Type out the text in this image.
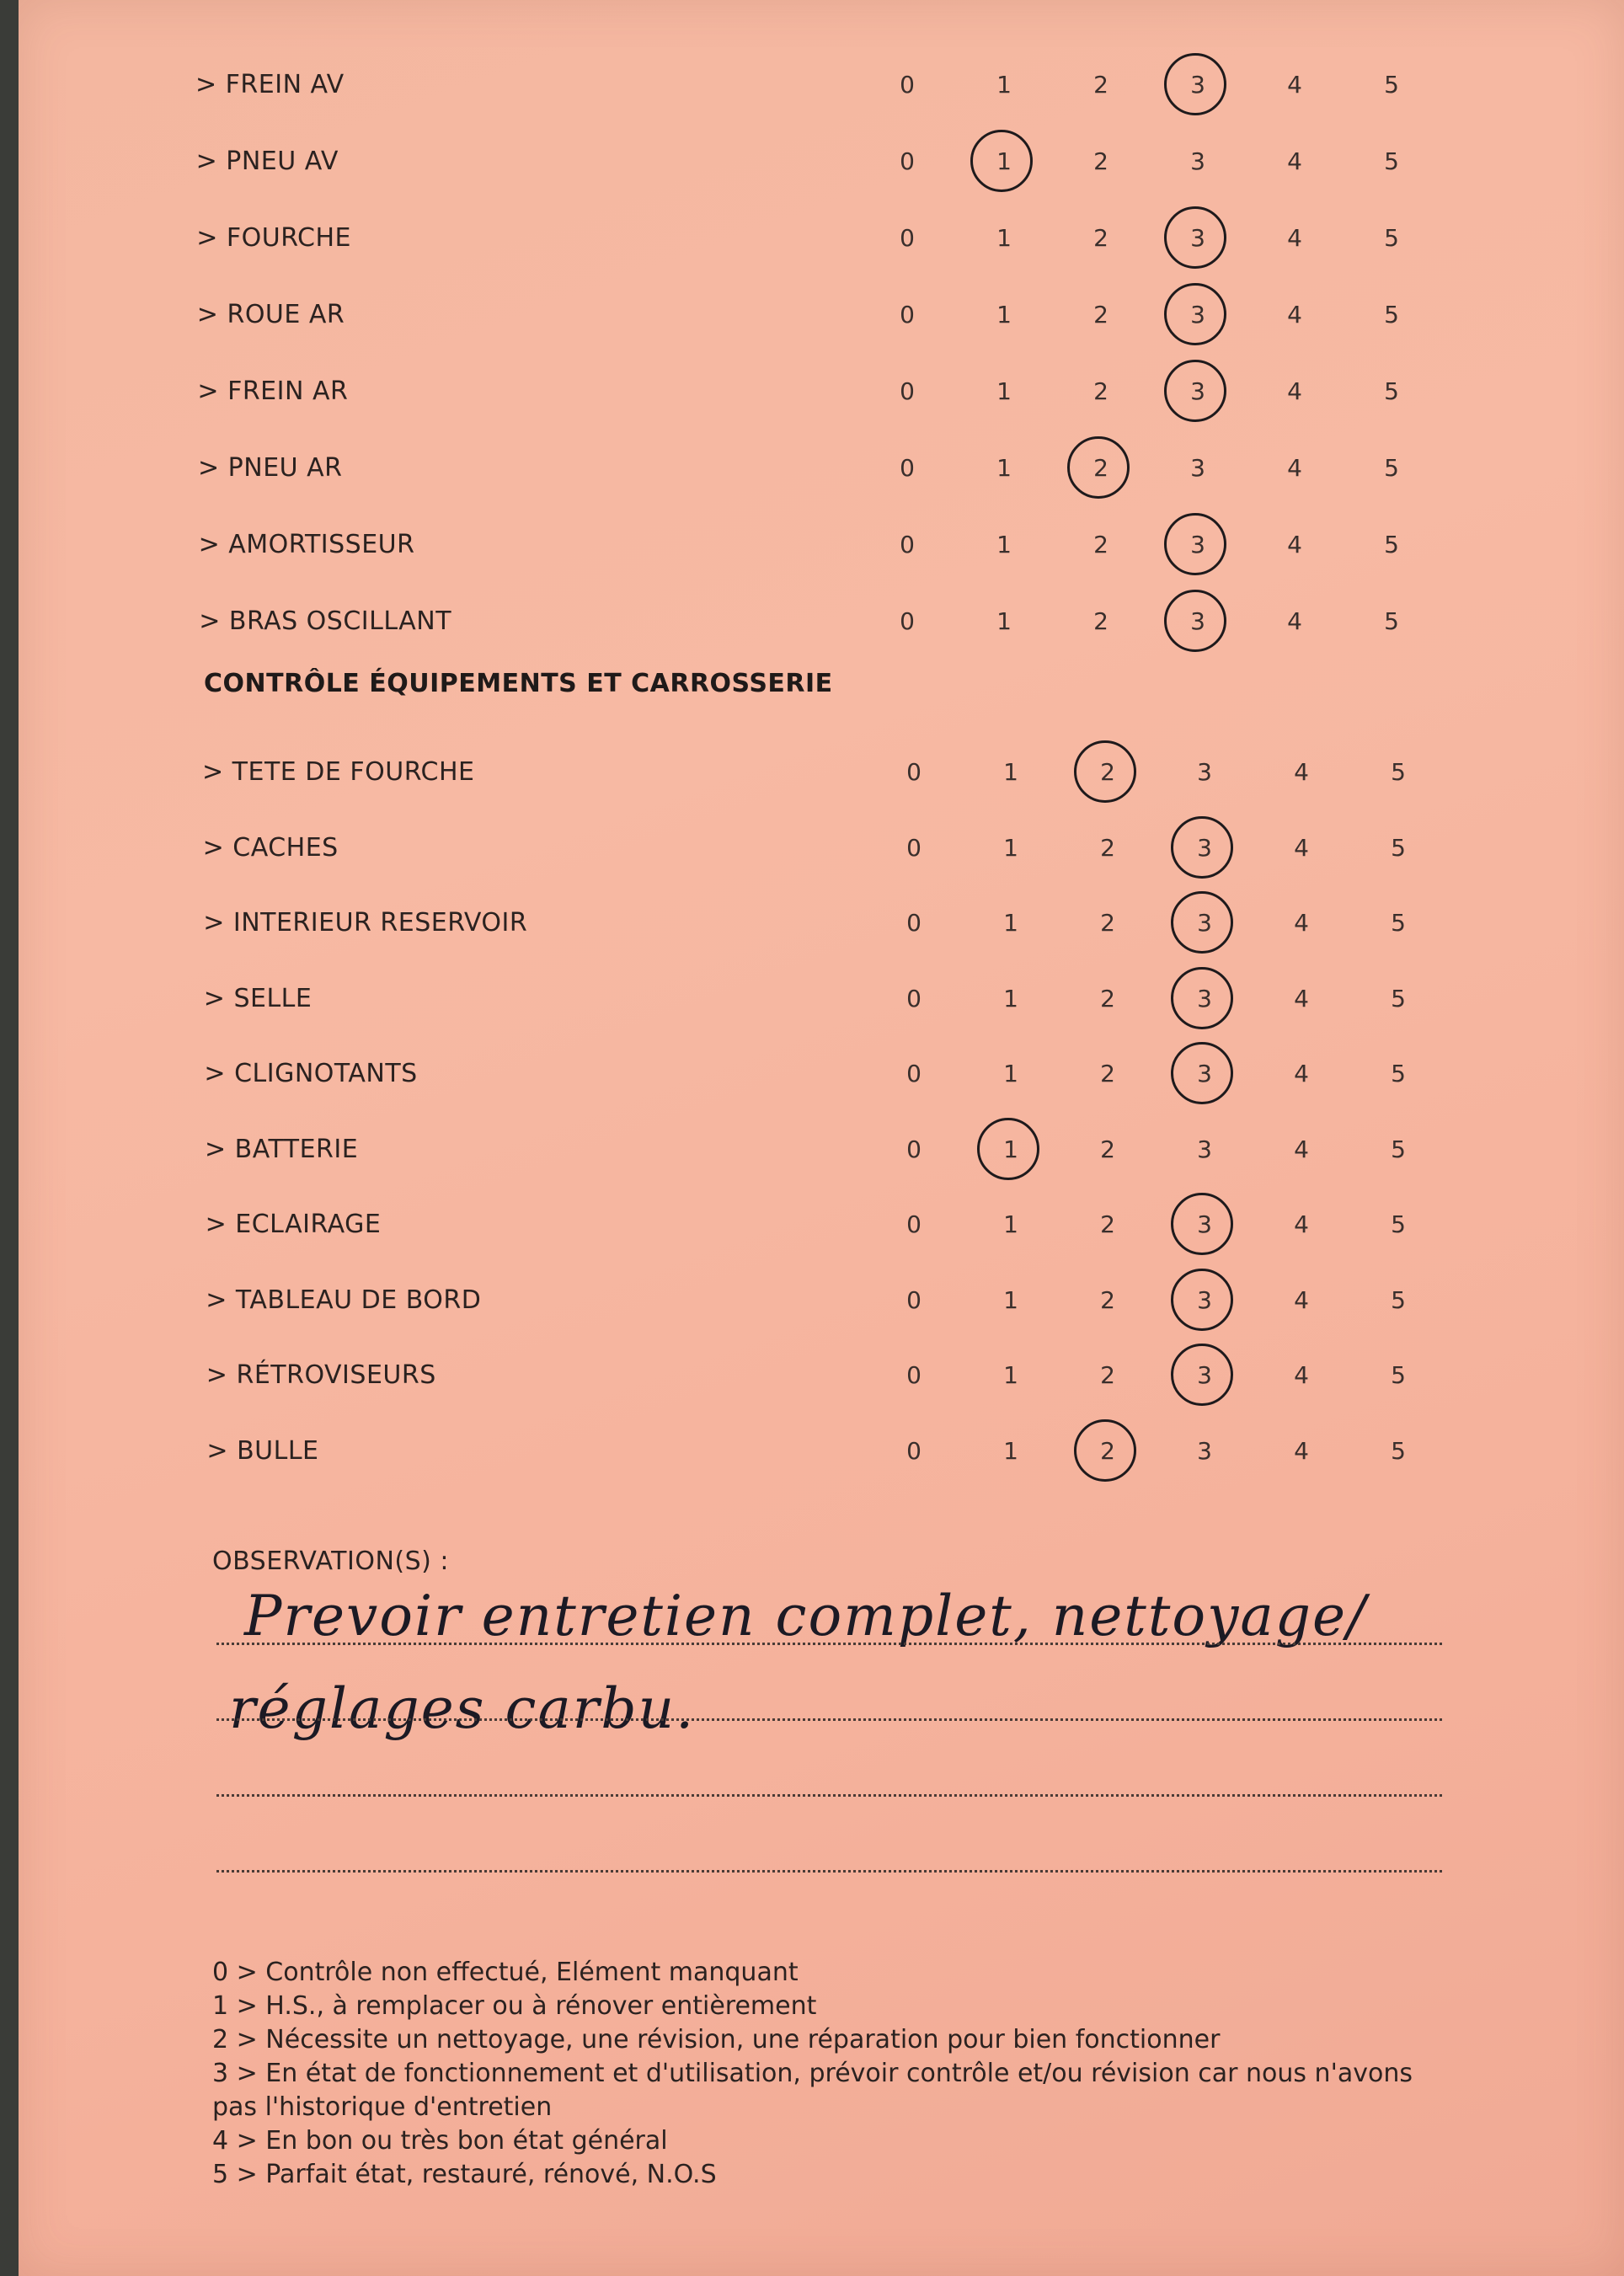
> FREIN AV	0	1	2	3	4	5
> PNEU AV	0	1	2	3	4	5
> FOURCHE	0	1	2	3	4	5
> ROUE AR	0	1	2	3	4	5
> FREIN AR	0	1	2	3	4	5
> PNEU AR	0	1	2	3	4	5
> AMORTISSEUR	0	1	2	3	4	5
> BRAS OSCILLANT	0	1	2	3	4	5
CONTRÔLE ÉQUIPEMENTS ET CARROSSERIE
> TETE DE FOURCHE	0	1	2	3	4	5
> CACHES	0	1	2	3	4	5
> INTERIEUR RESERVOIR	0	1	2	3	4	5
> SELLE	0	1	2	3	4	5
> CLIGNOTANTS	0	1	2	3	4	5
> BATTERIE	0	1	2	3	4	5
> ECLAIRAGE	0	1	2	3	4	5
> TABLEAU DE BORD	0	1	2	3	4	5
> RÉTROVISEURS	0	1	2	3	4	5
> BULLE	0	1	2	3	4	5
OBSERVATION(S) :
Prevoir entretien complet, nettoyage/
réglages carbu.
0 > Contrôle non effectué, Elément manquant
1 > H.S., à remplacer ou à rénover entièrement
2 > Nécessite un nettoyage, une révision, une réparation pour bien fonctionner
3 > En état de fonctionnement et d'utilisation, prévoir contrôle et/ou révision car nous n'avons pas l'historique d'entretien
4 > En bon ou très bon état général
5 > Parfait état, restauré, rénové, N.O.S
